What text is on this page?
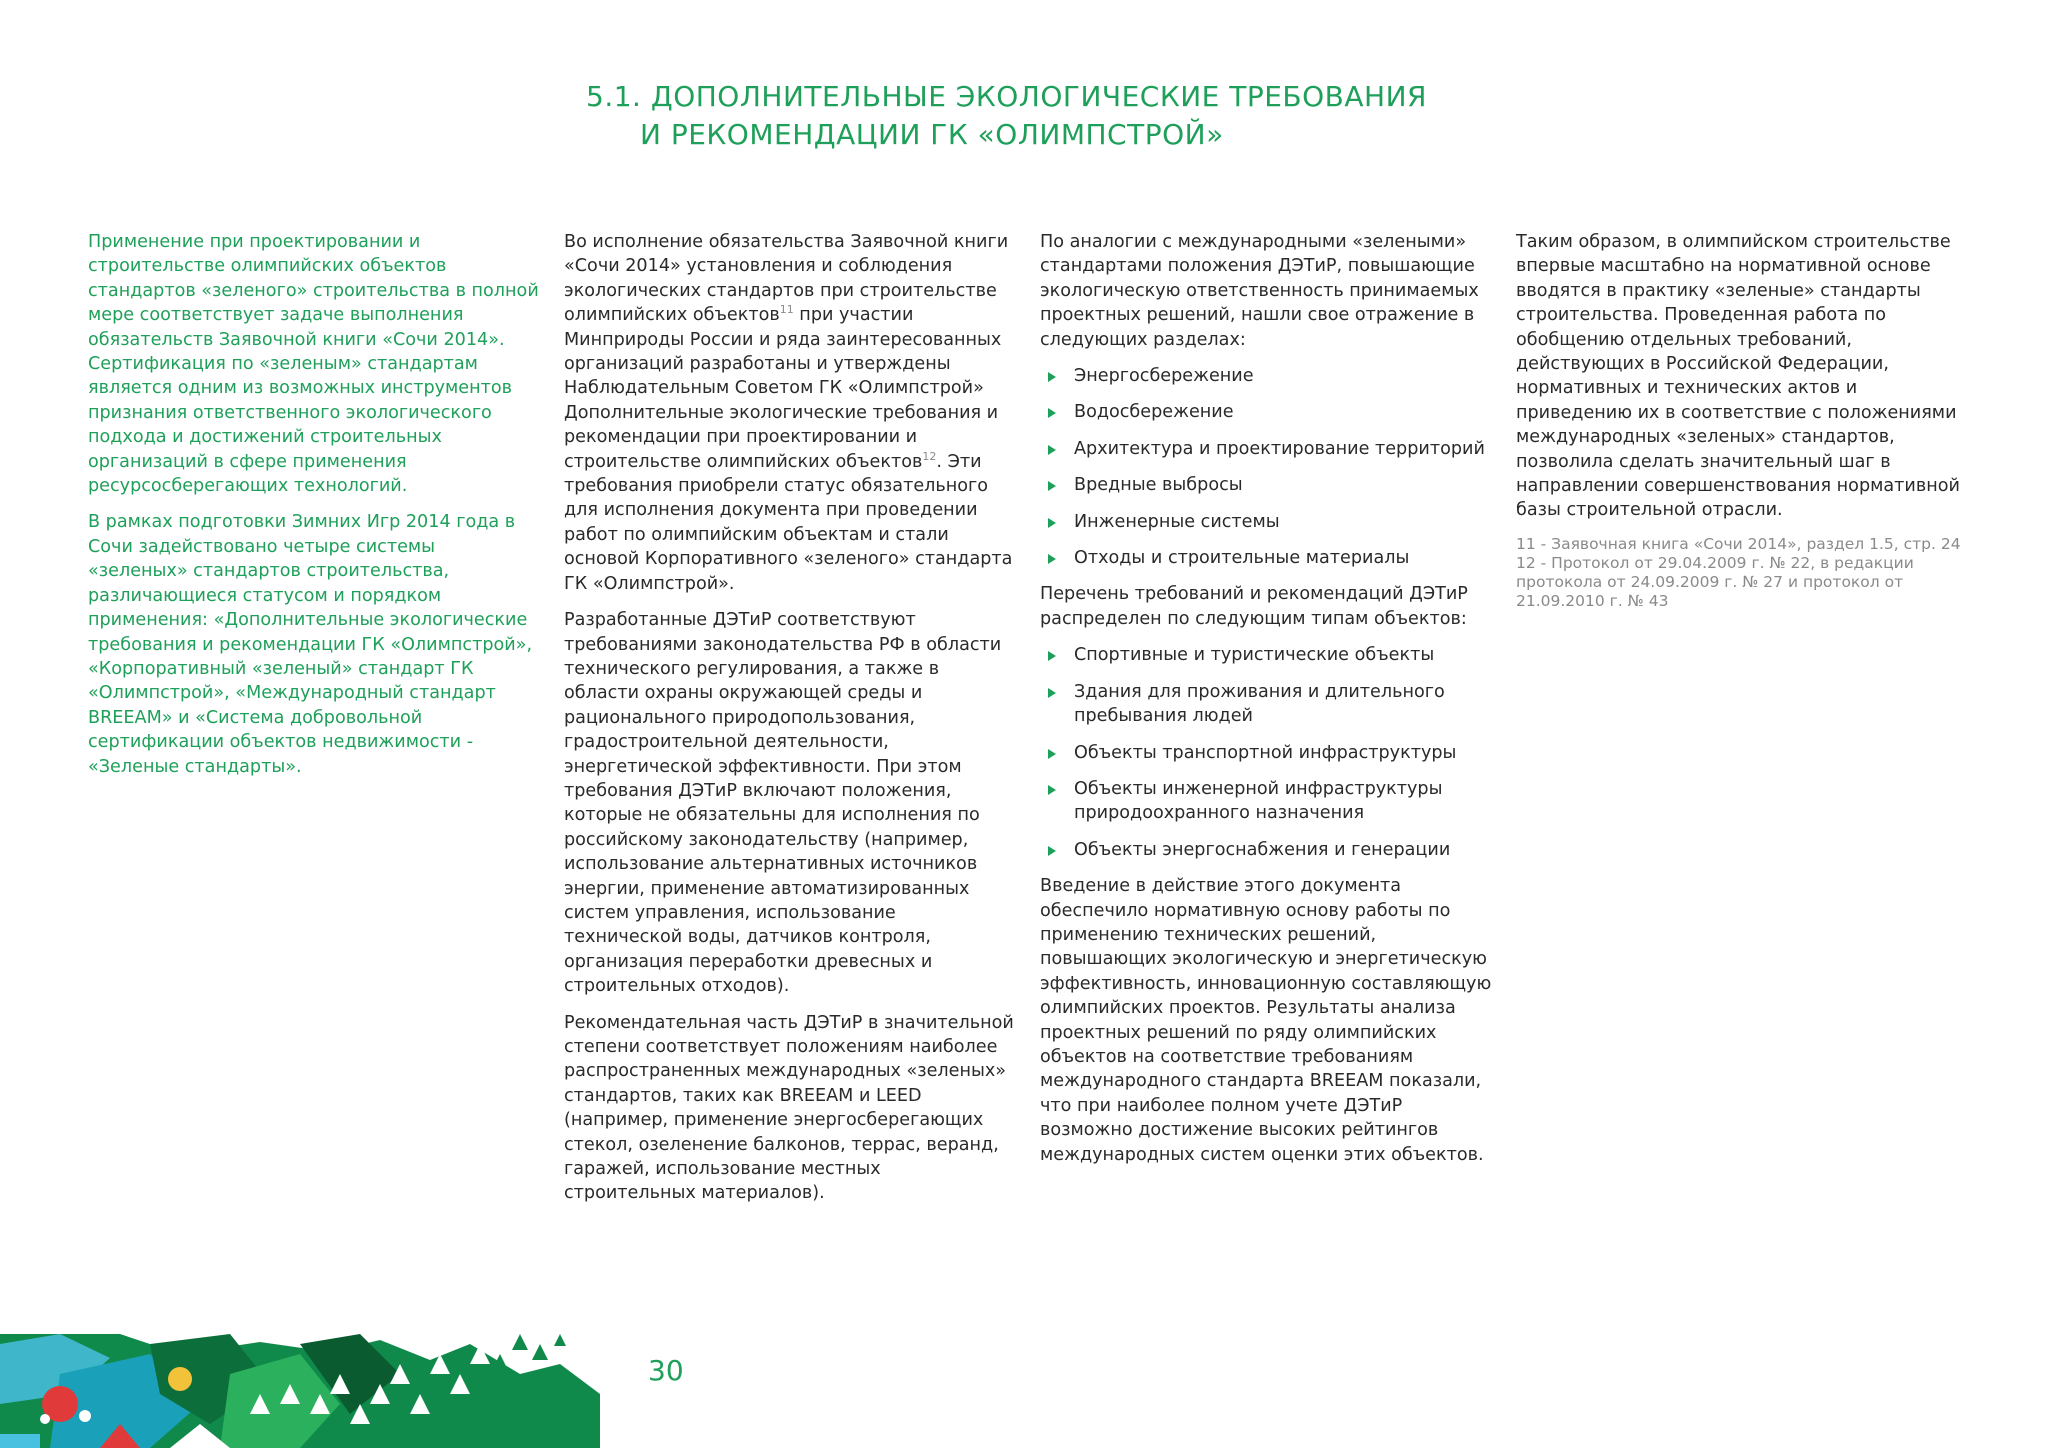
5.1. ДОПОЛНИТЕЛЬНЫЕ ЭКОЛОГИЧЕСКИЕ ТРЕБОВАНИЯ
И РЕКОМЕНДАЦИИ ГК «ОЛИМПСТРОЙ»

Применение при проектировании и строительстве олимпийских объектов стандартов «зеленого» строительства в полной мере соответствует задаче выполнения обязательств Заявочной книги «Сочи 2014». Сертификация по «зеленым» стандартам является одним из возможных инструментов признания ответственного экологического подхода и достижений строительных организаций в сфере применения ресурсосберегающих технологий.

В рамках подготовки Зимних Игр 2014 года в Сочи задействовано четыре системы «зеленых» стандартов строительства, различающиеся статусом и порядком применения: «Дополнительные экологические требования и рекомендации ГК «Олимпстрой», «Корпоративный «зеленый» стандарт ГК «Олимпстрой», «Международный стандарт BREEAM» и «Система добровольной сертификации объектов недвижимости - «Зеленые стандарты».

Во исполнение обязательства Заявочной книги «Сочи 2014» установления и соблюдения экологических стандартов при строительстве олимпийских объектов$^{11}$ при участии Минприроды России и ряда заинтересованных организаций разработаны и утверждены Наблюдательным Советом ГК «Олимпстрой» Дополнительные экологические требования и рекомендации при проектировании и строительстве олимпийских объектов$^{12}$. Эти требования приобрели статус обязательного для исполнения документа при проведении работ по олимпийским объектам и стали основой Корпоративного «зеленого» стандарта ГК «Олимпстрой».

Разработанные ДЭТиР соответствуют требованиями законодательства РФ в области технического регулирования, а также в области охраны окружающей среды и рационального природопользования, градостроительной деятельности, энергетической эффективности. При этом требования ДЭТиР включают положения, которые не обязательны для исполнения по российскому законодательству (например, использование альтернативных источников энергии, применение автоматизированных систем управления, использование технической воды, датчиков контроля, организация переработки древесных и строительных отходов).

Рекомендательная часть ДЭТиР в значительной степени соответствует положениям наиболее распространенных международных «зеленых» стандартов, таких как BREEAM и LEED (например, применение энергосберегающих стекол, озеленение балконов, террас, веранд, гаражей, использование местных строительных материалов).

По аналогии с международными «зелеными» стандартами положения ДЭТиР, повышающие экологическую ответственность принимаемых проектных решений, нашли свое отражение в следующих разделах:

Энергосбережение
Водосбережение
Архитектура и проектирование территорий
Вредные выбросы
Инженерные системы
Отходы и строительные материалы

Перечень требований и рекомендаций ДЭТиР распределен по следующим типам объектов:

Спортивные и туристические объекты
Здания для проживания и длительного пребывания людей
Объекты транспортной инфраструктуры
Объекты инженерной инфраструктуры природоохранного назначения
Объекты энергоснабжения и генерации

Введение в действие этого документа обеспечило нормативную основу работы по применению технических решений, повышающих экологическую и энергетическую эффективность, инновационную составляющую олимпийских проектов. Результаты анализа проектных решений по ряду олимпийских объектов на соответствие требованиям международного стандарта BREEAM показали, что при наиболее полном учете ДЭТиР возможно достижение высоких рейтингов международных систем оценки этих объектов.

Таким образом, в олимпийском строительстве впервые масштабно на нормативной основе вводятся в практику «зеленые» стандарты строительства. Проведенная работа по обобщению отдельных требований, действующих в Российской Федерации, нормативных и технических актов и приведению их в соответствие с положениями международных «зеленых» стандартов, позволила сделать значительный шаг в направлении совершенствования нормативной базы строительной отрасли.

11 - Заявочная книга «Сочи 2014», раздел 1.5, стр. 24
12 - Протокол от 29.04.2009 г. № 22, в редакции протокола от 24.09.2009 г. № 27 и протокол от 21.09.2010 г. № 43
30
